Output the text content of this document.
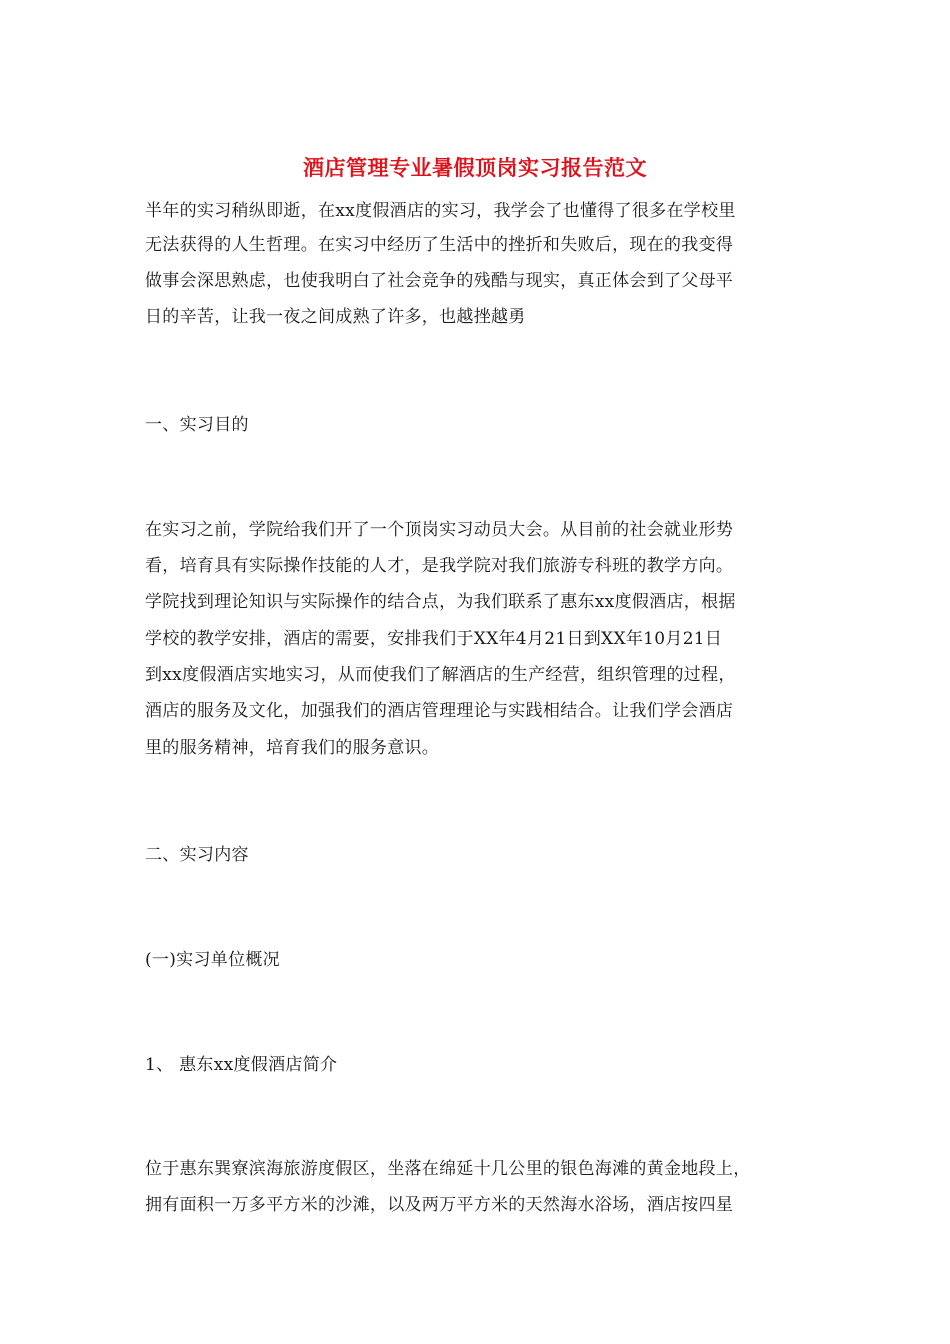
酒店管理专业暑假顶岗实习报告范文
半年的实习稍纵即逝，在xx度假酒店的实习，我学会了也懂得了很多在学校里
无法获得的人生哲理。在实习中经历了生活中的挫折和失败后，现在的我变得
做事会深思熟虑，也使我明白了社会竞争的残酷与现实，真正体会到了父母平
日的辛苦，让我一夜之间成熟了许多，也越挫越勇
一、实习目的
在实习之前，学院给我们开了一个顶岗实习动员大会。从目前的社会就业形势
看，培育具有实际操作技能的人才，是我学院对我们旅游专科班的教学方向。
学院找到理论知识与实际操作的结合点，为我们联系了惠东xx度假酒店，根据
学校的教学安排，酒店的需要，安排我们于XX年4月21日到XX年10月21日
到xx度假酒店实地实习，从而使我们了解酒店的生产经营，组织管理的过程，
酒店的服务及文化，加强我们的酒店管理理论与实践相结合。让我们学会酒店
里的服务精神，培育我们的服务意识。
二、实习内容
(一)实习单位概况
1、 惠东xx度假酒店简介
位于惠东巽寮滨海旅游度假区，坐落在绵延十几公里的银色海滩的黄金地段上，
拥有面积一万多平方米的沙滩，以及两万平方米的天然海水浴场，酒店按四星
